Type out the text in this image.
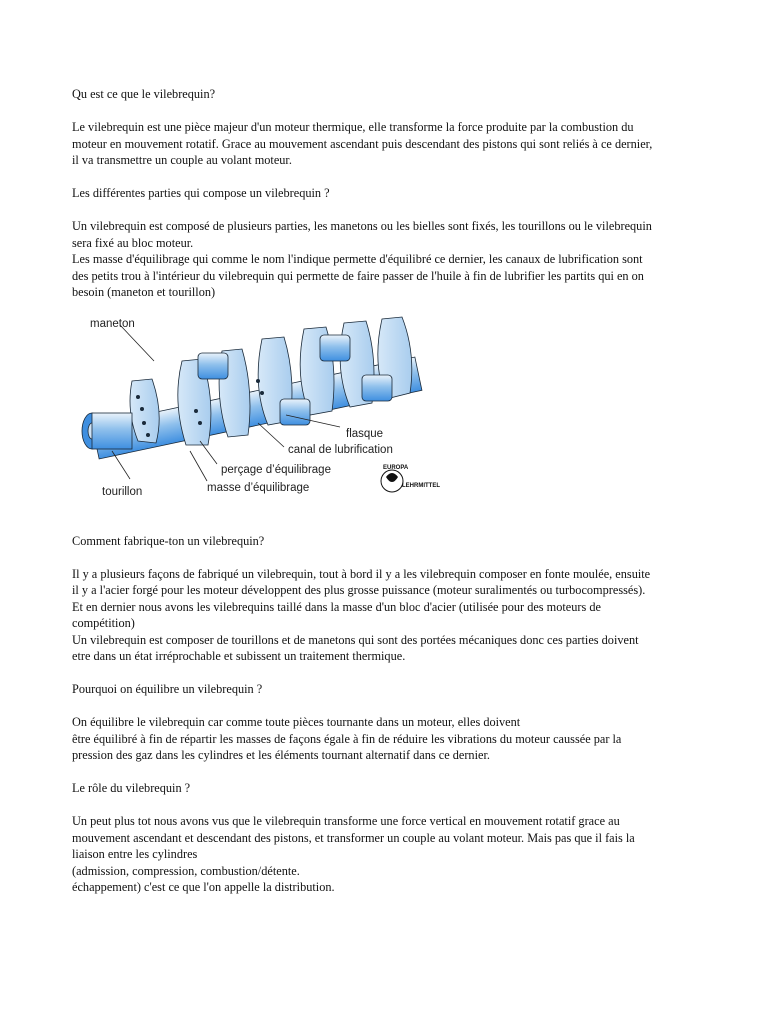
Qu est ce que le vilebrequin?

Le vilebrequin est une pièce majeur d'un moteur thermique, elle transforme la force produite par la combustion du
moteur en mouvement rotatif. Grace au mouvement ascendant puis descendant des pistons qui sont reliés à ce dernier,
il va transmettre un couple au volant moteur.

Les différentes parties qui compose un vilebrequin ?

Un vilebrequin est composé de plusieurs parties, les manetons ou les bielles sont fixés, les tourillons ou le vilebrequin
sera fixé au bloc moteur.
Les masse d'équilibrage qui comme le nom l'indique permette d'équilibré ce dernier, les canaux de lubrification sont
des petits trou à l'intérieur du vilebrequin qui permette de faire passer de l'huile à fin de lubrifier les partits qui en on
besoin (maneton et tourillon)

maneton
flasque
canal de lubrification
perçage d’équilibrage
masse d’équilibrage
tourillon
EUROPA
LEHRMITTEL

Comment fabrique-ton un vilebrequin?

Il y a plusieurs façons de fabriqué un vilebrequin, tout à bord il y a les vilebrequin composer en fonte moulée, ensuite
il y a l'acier forgé pour les moteur développent des plus grosse puissance (moteur suralimentés ou turbocompressés).
Et en dernier nous avons les vilebrequins taillé dans la masse d'un bloc d'acier (utilisée pour des moteurs de
compétition)
Un vilebrequin est composer de tourillons et de manetons qui sont des portées mécaniques donc ces parties doivent
etre dans un état irréprochable et subissent un traitement thermique.

Pourquoi on équilibre un vilebrequin ?

On équilibre le vilebrequin car comme toute pièces tournante dans un moteur, elles doivent
être équilibré à fin de répartir les masses de façons égale à fin de réduire les vibrations du moteur caussée par la
pression des gaz dans les cylindres et les éléments tournant alternatif dans ce dernier.

Le rôle du vilebrequin ?

Un peut plus tot nous avons vus que le vilebrequin transforme une force vertical en mouvement rotatif grace au
mouvement ascendant et descendant des pistons, et transformer un couple au volant moteur. Mais pas que il fais la
liaison entre les cylindres
(admission, compression, combustion/détente.
échappement) c'est ce que l'on appelle la distribution.
